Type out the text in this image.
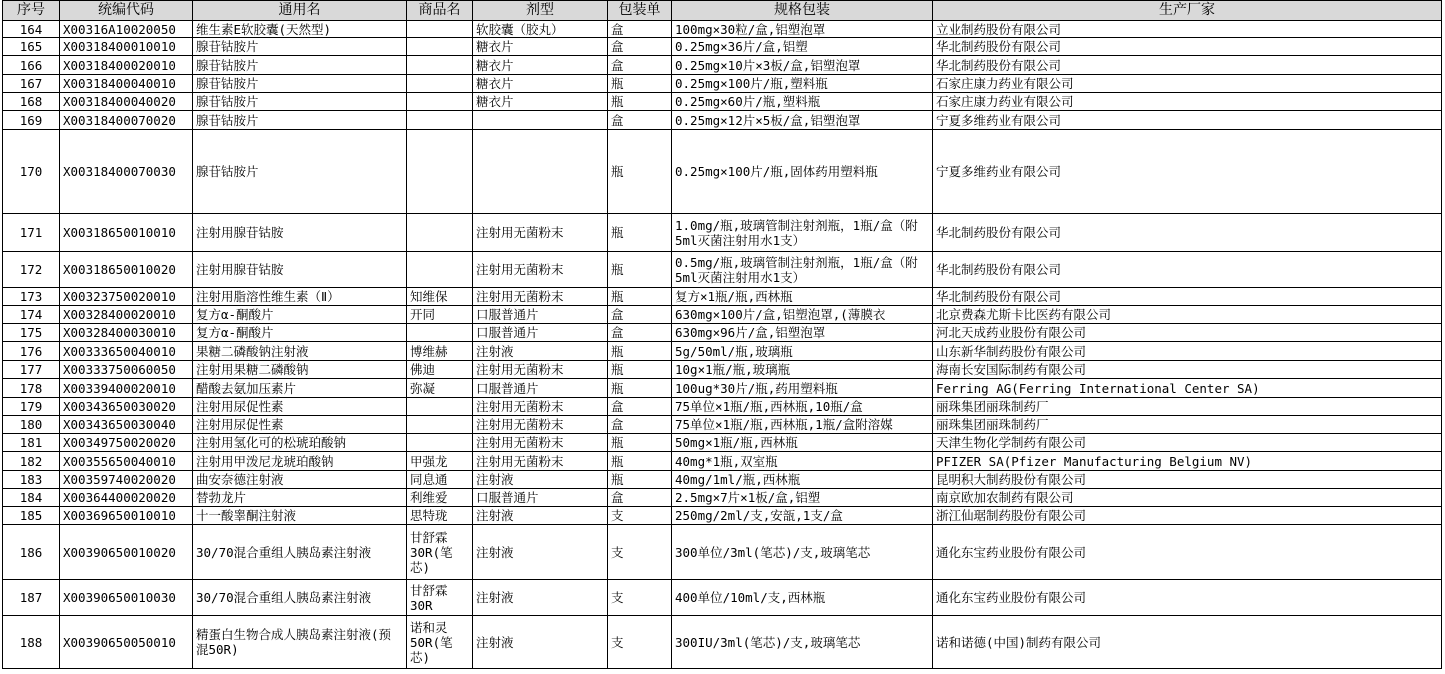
序号	统编代码	通用名	商品名	剂型	包装单	规格包装	生产厂家
164	X00316A10020050	维生素E软胶囊(天然型)		软胶囊（胶丸）	盒	100mg×30粒/盒,铝塑泡罩	立业制药股份有限公司
165	X00318400010010	腺苷钴胺片		糖衣片	盒	0.25mg×36片/盒,铝塑	华北制药股份有限公司
166	X00318400020010	腺苷钴胺片		糖衣片	盒	0.25mg×10片×3板/盒,铝塑泡罩	华北制药股份有限公司
167	X00318400040010	腺苷钴胺片		糖衣片	瓶	0.25mg×100片/瓶,塑料瓶	石家庄康力药业有限公司
168	X00318400040020	腺苷钴胺片		糖衣片	瓶	0.25mg×60片/瓶,塑料瓶	石家庄康力药业有限公司
169	X00318400070020	腺苷钴胺片			盒	0.25mg×12片×5板/盒,铝塑泡罩	宁夏多维药业有限公司
170	X00318400070030	腺苷钴胺片			瓶	0.25mg×100片/瓶,固体药用塑料瓶	宁夏多维药业有限公司
171	X00318650010010	注射用腺苷钴胺		注射用无菌粉末	瓶	1.0mg/瓶,玻璃管制注射剂瓶，1瓶/盒（附5ml灭菌注射用水1支）	华北制药股份有限公司
172	X00318650010020	注射用腺苷钴胺		注射用无菌粉末	瓶	0.5mg/瓶,玻璃管制注射剂瓶，1瓶/盒（附5ml灭菌注射用水1支）	华北制药股份有限公司
173	X00323750020010	注射用脂溶性维生素（Ⅱ）	知维保	注射用无菌粉末	瓶	复方×1瓶/瓶,西林瓶	华北制药股份有限公司
174	X00328400020010	复方α-酮酸片	开同	口服普通片	盒	630mg×100片/盒,铝塑泡罩,(薄膜衣	北京费森尤斯卡比医药有限公司
175	X00328400030010	复方α-酮酸片		口服普通片	盒	630mg×96片/盒,铝塑泡罩	河北天成药业股份有限公司
176	X00333650040010	果糖二磷酸钠注射液	博维赫	注射液	瓶	5g/50ml/瓶,玻璃瓶	山东新华制药股份有限公司
177	X00333750060050	注射用果糖二磷酸钠	佛迪	注射用无菌粉末	瓶	10g×1瓶/瓶,玻璃瓶	海南长安国际制药有限公司
178	X00339400020010	醋酸去氨加压素片	弥凝	口服普通片	瓶	100ug*30片/瓶,药用塑料瓶	Ferring AG(Ferring International Center SA)
179	X00343650030020	注射用尿促性素		注射用无菌粉末	盒	75单位×1瓶/瓶,西林瓶,10瓶/盒	丽珠集团丽珠制药厂
180	X00343650030040	注射用尿促性素		注射用无菌粉末	盒	75单位×1瓶/瓶,西林瓶,1瓶/盒附溶媒	丽珠集团丽珠制药厂
181	X00349750020020	注射用氢化可的松琥珀酸钠		注射用无菌粉末	瓶	50mg×1瓶/瓶,西林瓶	天津生物化学制药有限公司
182	X00355650040010	注射用甲泼尼龙琥珀酸钠	甲强龙	注射用无菌粉末	瓶	40mg*1瓶,双室瓶	PFIZER SA(Pfizer Manufacturing Belgium NV)
183	X00359740020020	曲安奈德注射液	同息通	注射液	瓶	40mg/1ml/瓶,西林瓶	昆明积大制药股份有限公司
184	X00364400020020	替勃龙片	利维爱	口服普通片	盒	2.5mg×7片×1板/盒,铝塑	南京欧加农制药有限公司
185	X00369650010010	十一酸睾酮注射液	思特珑	注射液	支	250mg/2ml/支,安瓿,1支/盒	浙江仙琚制药股份有限公司
186	X00390650010020	30/70混合重组人胰岛素注射液	甘舒霖30R(笔芯)	注射液	支	300单位/3ml(笔芯)/支,玻璃笔芯	通化东宝药业股份有限公司
187	X00390650010030	30/70混合重组人胰岛素注射液	甘舒霖30R	注射液	支	400单位/10ml/支,西林瓶	通化东宝药业股份有限公司
188	X00390650050010	精蛋白生物合成人胰岛素注射液(预混50R)	诺和灵50R(笔芯)	注射液	支	300IU/3ml(笔芯)/支,玻璃笔芯	诺和诺德(中国)制药有限公司
